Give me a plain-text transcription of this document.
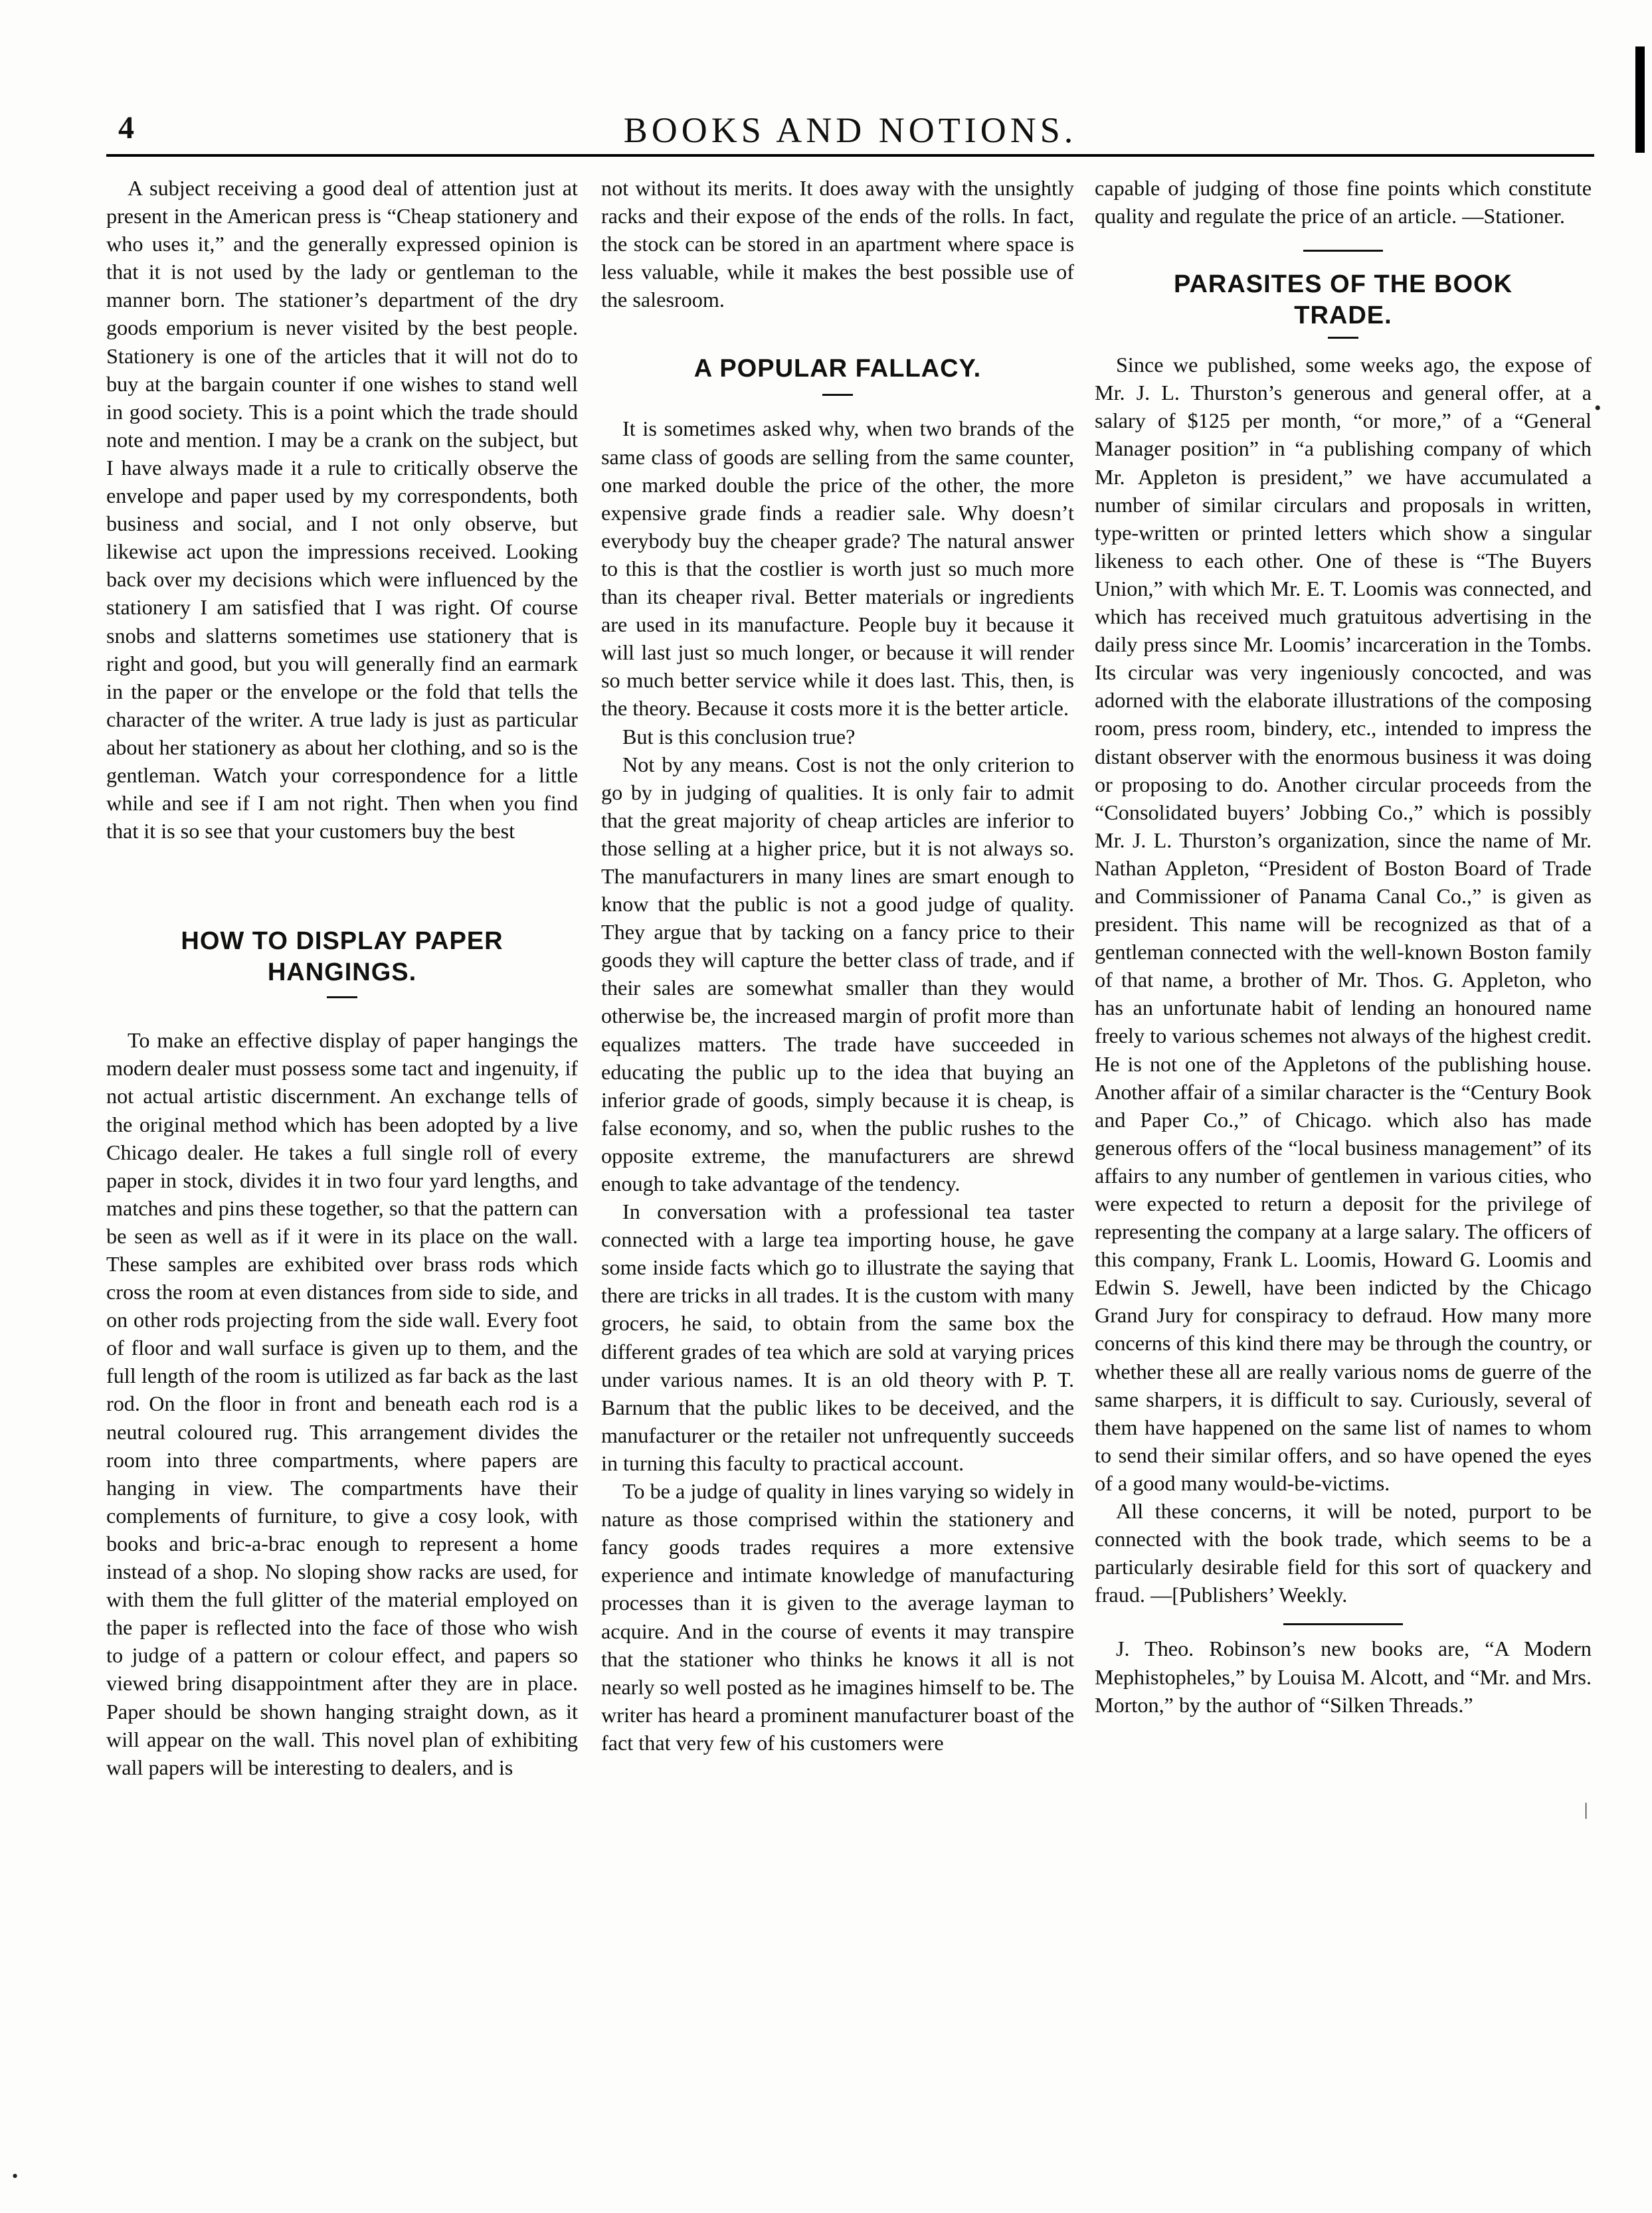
4	BOOKS AND NOTIONS.

A subject receiving a good deal of attention just at present in the American press is “Cheap stationery and who uses it,” and the generally expressed opinion is that it is not used by the lady or gentleman to the manner born. The stationer’s department of the dry goods emporium is never visited by the best people. Stationery is one of the articles that it will not do to buy at the bargain counter if one wishes to stand well in good society. This is a point which the trade should note and mention. I may be a crank on the subject, but I have always made it a rule to critically observe the envelope and paper used by my correspondents, both business and social, and I not only observe, but likewise act upon the impressions received. Looking back over my decisions which were influenced by the stationery I am satisfied that I was right. Of course snobs and slatterns sometimes use stationery that is right and good, but you will generally find an earmark in the paper or the envelope or the fold that tells the character of the writer. A true lady is just as particular about her stationery as about her clothing, and so is the gentleman. Watch your correspondence for a little while and see if I am not right. Then when you find that it is so see that your customers buy the best

HOW TO DISPLAY PAPER
HANGINGS.

To make an effective display of paper hangings the modern dealer must possess some tact and ingenuity, if not actual artistic discernment. An exchange tells of the original method which has been adopted by a live Chicago dealer. He takes a full single roll of every paper in stock, divides it in two four yard lengths, and matches and pins these together, so that the pattern can be seen as well as if it were in its place on the wall. These samples are exhibited over brass rods which cross the room at even distances from side to side, and on other rods projecting from the side wall. Every foot of floor and wall surface is given up to them, and the full length of the room is utilized as far back as the last rod. On the floor in front and beneath each rod is a neutral coloured rug. This arrangement divides the room into three compartments, where papers are hanging in view. The compartments have their complements of furniture, to give a cosy look, with books and bric-a-brac enough to represent a home instead of a shop. No sloping show racks are used, for with them the full glitter of the material employed on the paper is reflected into the face of those who wish to judge of a pattern or colour effect, and papers so viewed bring disappointment after they are in place. Paper should be shown hanging straight down, as it will appear on the wall. This novel plan of exhibiting wall papers will be interesting to dealers, and is

not without its merits. It does away with the unsightly racks and their expose of the ends of the rolls. In fact, the stock can be stored in an apartment where space is less valuable, while it makes the best possible use of the salesroom.

A POPULAR FALLACY.

It is sometimes asked why, when two brands of the same class of goods are selling from the same counter, one marked double the price of the other, the more expensive grade finds a readier sale. Why doesn’t everybody buy the cheaper grade? The natural answer to this is that the costlier is worth just so much more than its cheaper rival. Better materials or ingredients are used in its manufacture. People buy it because it will last just so much longer, or because it will render so much better service while it does last. This, then, is the theory. Because it costs more it is the better article.

But is this conclusion true?

Not by any means. Cost is not the only criterion to go by in judging of qualities. It is only fair to admit that the great majority of cheap articles are inferior to those selling at a higher price, but it is not always so. The manufacturers in many lines are smart enough to know that the public is not a good judge of quality. They argue that by tacking on a fancy price to their goods they will capture the better class of trade, and if their sales are somewhat smaller than they would otherwise be, the increased margin of profit more than equalizes matters. The trade have succeeded in educating the public up to the idea that buying an inferior grade of goods, simply because it is cheap, is false economy, and so, when the public rushes to the opposite extreme, the manufacturers are shrewd enough to take advantage of the tendency.

In conversation with a professional tea taster connected with a large tea importing house, he gave some inside facts which go to illustrate the saying that there are tricks in all trades. It is the custom with many grocers, he said, to obtain from the same box the different grades of tea which are sold at varying prices under various names. It is an old theory with P. T. Barnum that the public likes to be deceived, and the manufacturer or the retailer not unfrequently succeeds in turning this faculty to practical account.

To be a judge of quality in lines varying so widely in nature as those comprised within the stationery and fancy goods trades requires a more extensive experience and intimate knowledge of manufacturing processes than it is given to the average layman to acquire. And in the course of events it may transpire that the stationer who thinks he knows it all is not nearly so well posted as he imagines himself to be. The writer has heard a prominent manufacturer boast of the fact that very few of his customers were

capable of judging of those fine points which constitute quality and regulate the price of an article. —Stationer.

PARASITES OF THE BOOK
TRADE.

Since we published, some weeks ago, the expose of Mr. J. L. Thurston’s generous and general offer, at a salary of $125 per month, “or more,” of a “General Manager position” in “a publishing company of which Mr. Appleton is president,” we have accumulated a number of similar circulars and proposals in written, type-written or printed letters which show a singular likeness to each other. One of these is “The Buyers Union,” with which Mr. E. T. Loomis was connected, and which has received much gratuitous advertising in the daily press since Mr. Loomis’ incarceration in the Tombs. Its circular was very ingeniously concocted, and was adorned with the elaborate illustrations of the composing room, press room, bindery, etc., intended to impress the distant observer with the enormous business it was doing or proposing to do. Another circular proceeds from the “Consolidated buyers’ Jobbing Co.,” which is possibly Mr. J. L. Thurston’s organization, since the name of Mr. Nathan Appleton, “President of Boston Board of Trade and Commissioner of Panama Canal Co.,” is given as president. This name will be recognized as that of a gentleman connected with the well-known Boston family of that name, a brother of Mr. Thos. G. Appleton, who has an unfortunate habit of lending an honoured name freely to various schemes not always of the highest credit. He is not one of the Appletons of the publishing house. Another affair of a similar character is the “Century Book and Paper Co.,” of Chicago. which also has made generous offers of the “local business management” of its affairs to any number of gentlemen in various cities, who were expected to return a deposit for the privilege of representing the company at a large salary. The officers of this company, Frank L. Loomis, Howard G. Loomis and Edwin S. Jewell, have been indicted by the Chicago Grand Jury for conspiracy to defraud. How many more concerns of this kind there may be through the country, or whether these all are really various noms de guerre of the same sharpers, it is difficult to say. Curiously, several of them have happened on the same list of names to whom to send their similar offers, and so have opened the eyes of a good many would-be-victims.

All these concerns, it will be noted, purport to be connected with the book trade, which seems to be a particularly desirable field for this sort of quackery and fraud. —[Publishers’ Weekly.

J. Theo. Robinson’s new books are, “A Modern Mephistopheles,” by Louisa M. Alcott, and “Mr. and Mrs. Morton,” by the author of “Silken Threads.”

•
|
•
